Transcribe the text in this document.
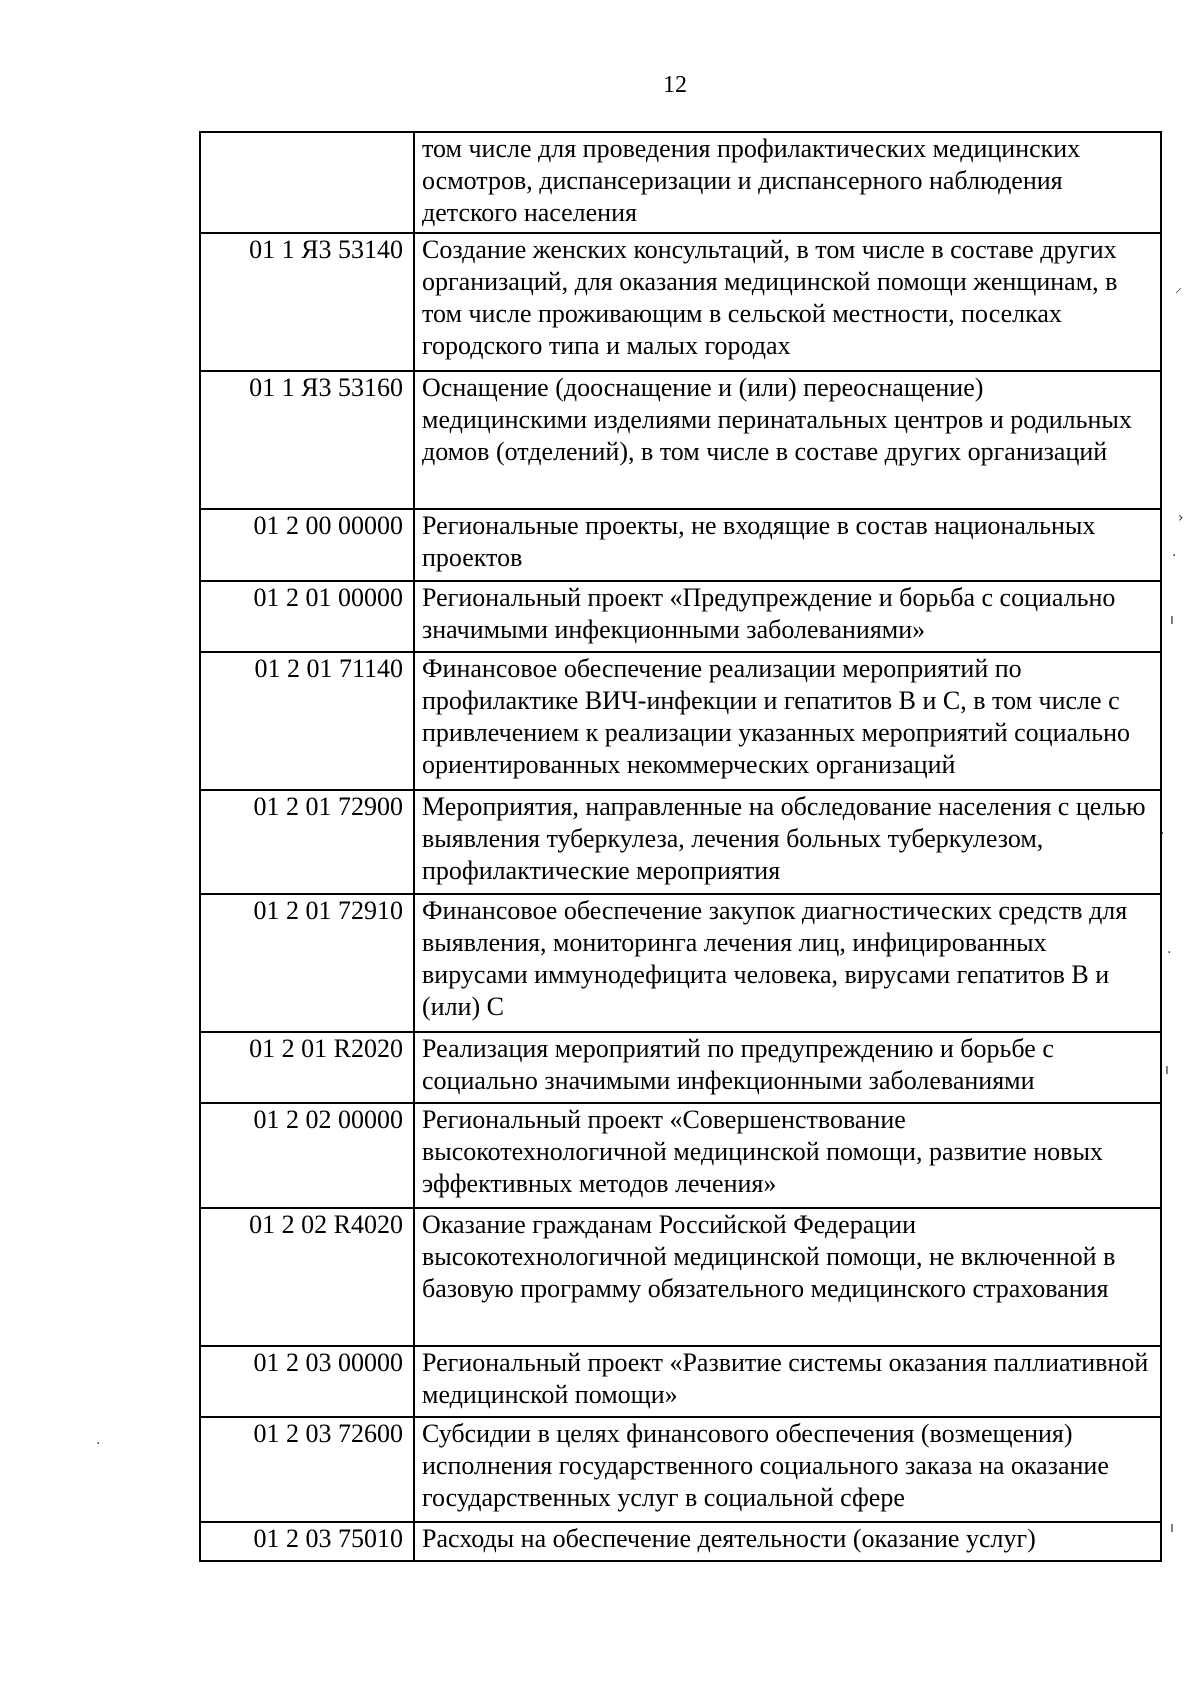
12
	том числе для проведения профилактических медицинских осмотров, диспансеризации и диспансерного наблюдения детского населения
01 1 Я3 53140	Создание женских консультаций, в том числе в составе других организаций, для оказания медицинской помощи женщинам, в том числе проживающим в сельской местности, поселках городского типа и малых городах
01 1 Я3 53160	Оснащение (дооснащение и (или) переоснащение) медицинскими изделиями перинатальных центров и родильных домов (отделений), в том числе в составе других организаций
01 2 00 00000	Региональные проекты, не входящие в состав национальных проектов
01 2 01 00000	Региональный проект «Предупреждение и борьба с социально значимыми инфекционными заболеваниями»
01 2 01 71140	Финансовое обеспечение реализации мероприятий по профилактике ВИЧ-инфекции и гепатитов В и С, в том числе с привлечением к реализации указанных мероприятий социально ориентированных некоммерческих организаций
01 2 01 72900	Мероприятия, направленные на обследование населения с целью выявления туберкулеза, лечения больных туберкулезом, профилактические мероприятия
01 2 01 72910	Финансовое обеспечение закупок диагностических средств для выявления, мониторинга лечения лиц, инфицированных вирусами иммунодефицита человека, вирусами гепатитов В и (или) С
01 2 01 R2020	Реализация мероприятий по предупреждению и борьбе с социально значимыми инфекционными заболеваниями
01 2 02 00000	Региональный проект «Совершенствование высокотехнологичной медицинской помощи, развитие новых эффективных методов лечения»
01 2 02 R4020	Оказание гражданам Российской Федерации высокотехнологичной медицинской помощи, не включенной в базовую программу обязательного медицинского страхования
01 2 03 00000	Региональный проект «Развитие системы оказания паллиативной медицинской помощи»
01 2 03 72600	Субсидии в целях финансового обеспечения (возмещения) исполнения государственного социального заказа на оказание государственных услуг в социальной сфере
01 2 03 75010	Расходы на обеспечение деятельности (оказание услуг)
⸝
›
·
ı
·
·
ı
·
ı
